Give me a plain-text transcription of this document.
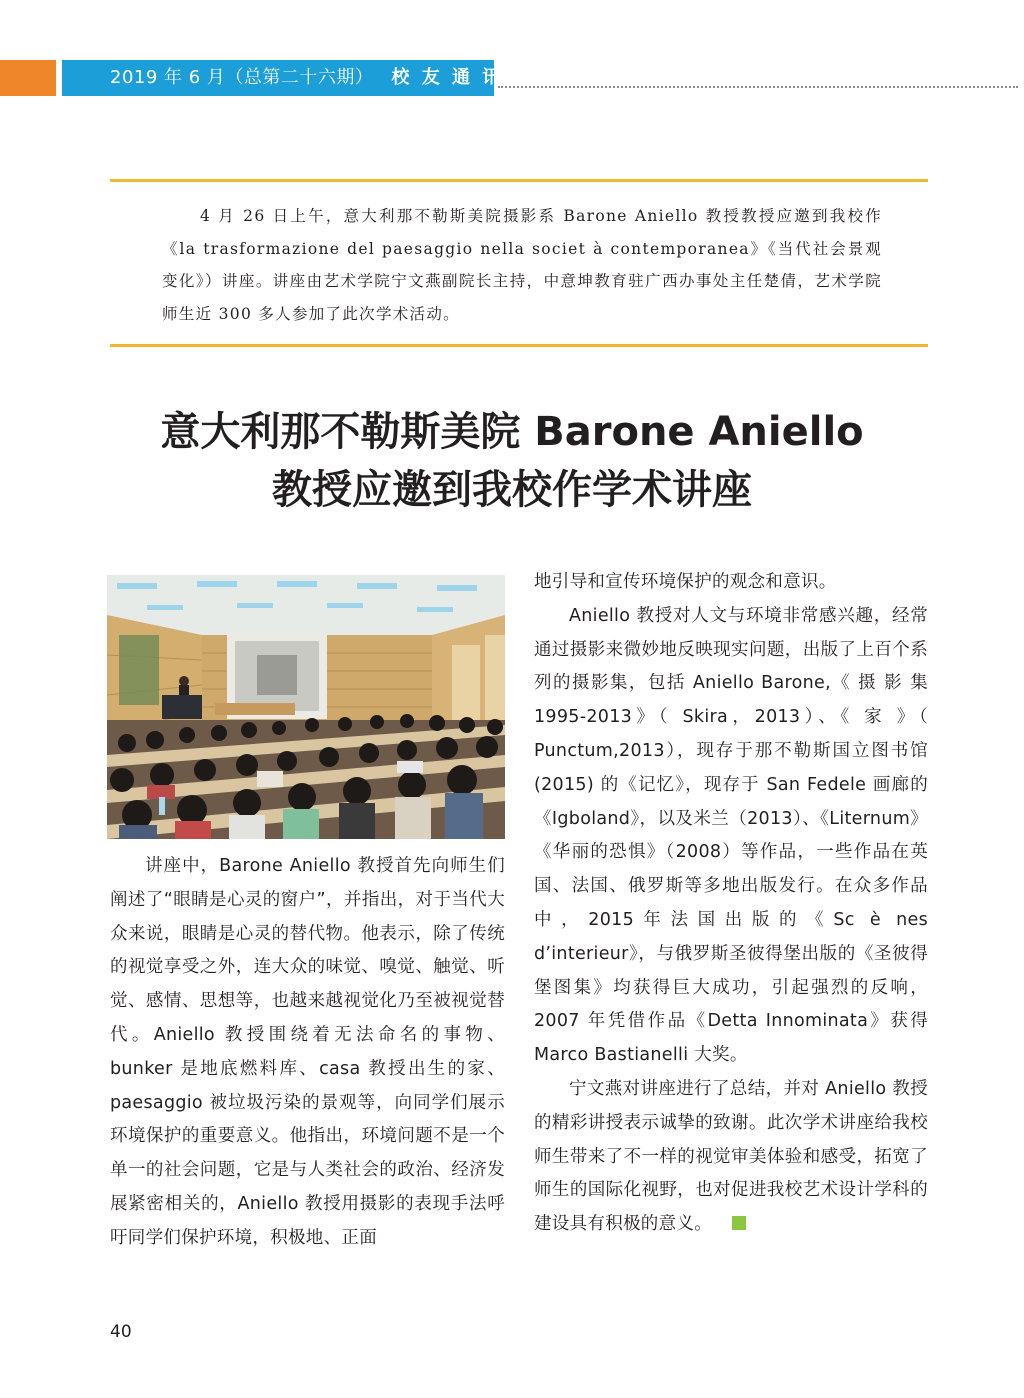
2019 年 6 月（总第二十六期） 校 友 通 讯
4 月 26 日上午，意大利那不勒斯美院摄影系 Barone Aniello 教授教授应邀到我校作《la trasformazione del paesaggio nella societ à contemporanea》《当代社会景观变化》）讲座。讲座由艺术学院宁文燕副院长主持，中意坤教育驻广西办事处主任楚倩，艺术学院师生近 300 多人参加了此次学术活动。
意大利那不勒斯美院 Barone Aniello
教授应邀到我校作学术讲座

讲座中，Barone Aniello 教授首先向师生们阐述了“眼睛是心灵的窗户”，并指出，对于当代大众来说，眼睛是心灵的替代物。他表示，除了传统的视觉享受之外，连大众的味觉、嗅觉、触觉、听觉、感情、思想等，也越来越视觉化乃至被视觉替代。Aniello 教授围绕着无法命名的事物、bunker 是地底燃料库、casa 教授出生的家、paesaggio 被垃圾污染的景观等，向同学们展示环境保护的重要意义。他指出，环境问题不是一个单一的社会问题，它是与人类社会的政治、经济发展紧密相关的，Aniello 教授用摄影的表现手法呼吁同学们保护环境，积极地、正面

地引导和宣传环境保护的观念和意识。

Aniello 教授对人文与环境非常感兴趣，经常通过摄影来微妙地反映现实问题，出版了上百个系列的摄影集，包括 Aniello Barone,《 摄 影 集 1995-2013》（ Skira，2013）、《 家 》（ Punctum,2013），现存于那不勒斯国立图书馆 (2015) 的《记忆》，现存于 San Fedele 画廊的《Igboland》，以及米兰（2013）、《Liternum》《华丽的恐惧》（2008）等作品，一些作品在英国、法国、俄罗斯等多地出版发行。在众多作品中，2015年法国出版的《Sc è nes d’interieur》，与俄罗斯圣彼得堡出版的《圣彼得堡图集》均获得巨大成功，引起强烈的反响，2007 年凭借作品《Detta Innominata》获得 Marco Bastianelli 大奖。

宁文燕对讲座进行了总结，并对 Aniello 教授的精彩讲授表示诚挚的致谢。此次学术讲座给我校师生带来了不一样的视觉审美体验和感受，拓宽了师生的国际化视野，也对促进我校艺术设计学科的建设具有积极的意义。

40
